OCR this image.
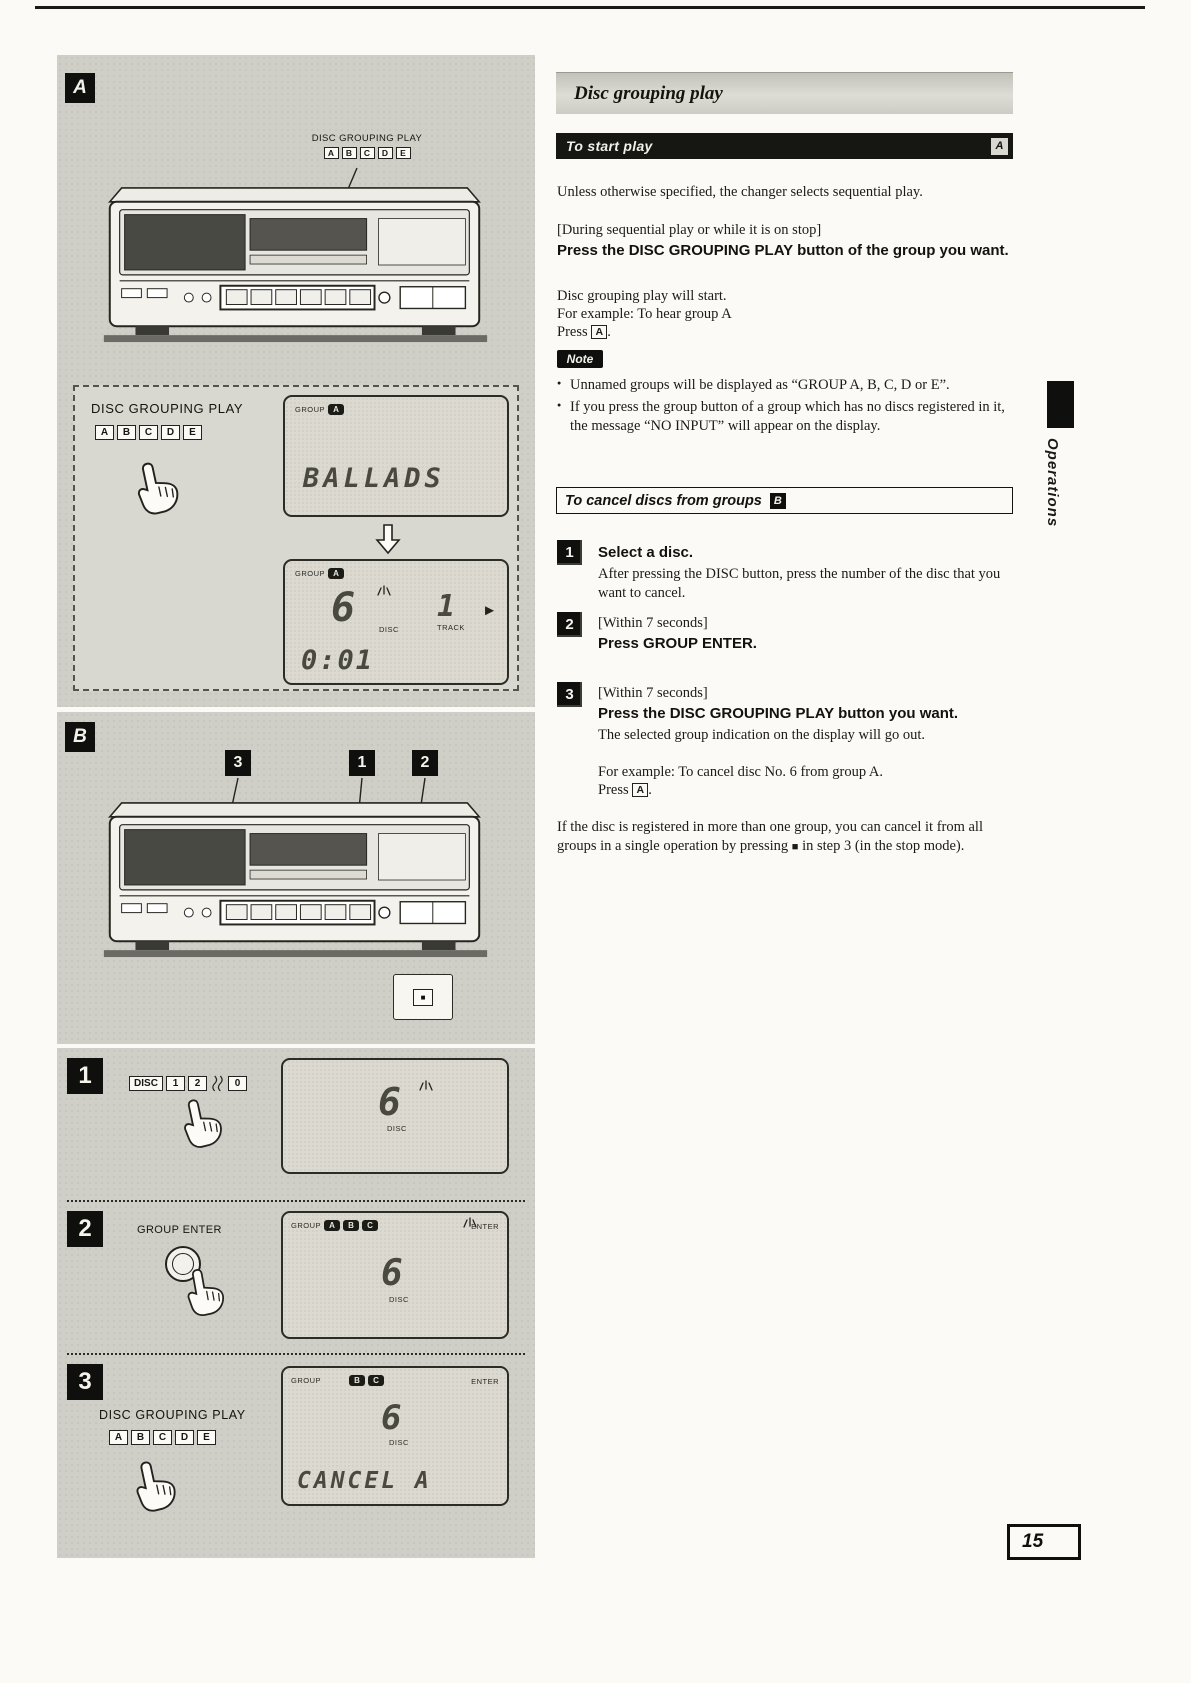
A
DISC GROUPING PLAY
A	B	C	D	E
DISC GROUPING PLAY
A	B	C	D	E
GROUP	A
BALLADS
GROUP	A
6	DISC
1
TRACK
►
0:01
B
3	1	2
■
1	DISC	1	2	0	6
DISC
2	GROUP ENTER	GROUP	A	B	C	ENTER
6
DISC
3
DISC GROUPING PLAY
A	B	C	D	E
GROUP	B	C	ENTER
6
DISC
CANCEL A
Disc grouping play
To start play	A

Unless otherwise specified, the changer selects sequential play.

[During sequential play or while it is on stop]

Press the DISC GROUPING PLAY button of the group you want.

Disc grouping play will start.

For example: To hear group A

Press A .

Note
● Unnamed groups will be displayed as “GROUP A, B, C, D or E”.
● If you press the group button of a group which has no discs registered in it, the message “NO INPUT” will appear on the display.
To cancel discs from groups	B
1	Select a disc.

After pressing the DISC button, press the number of the disc that you want to cancel.

2	[Within 7 seconds]

Press GROUP ENTER.

3	[Within 7 seconds]

Press the DISC GROUPING PLAY button you want.

The selected group indication on the display will go out.

For example: To cancel disc No. 6 from group A.

Press A .

If the disc is registered in more than one group, you can cancel it from all groups in a single operation by pressing ■ in step 3 (in the stop mode).

Operations
15
